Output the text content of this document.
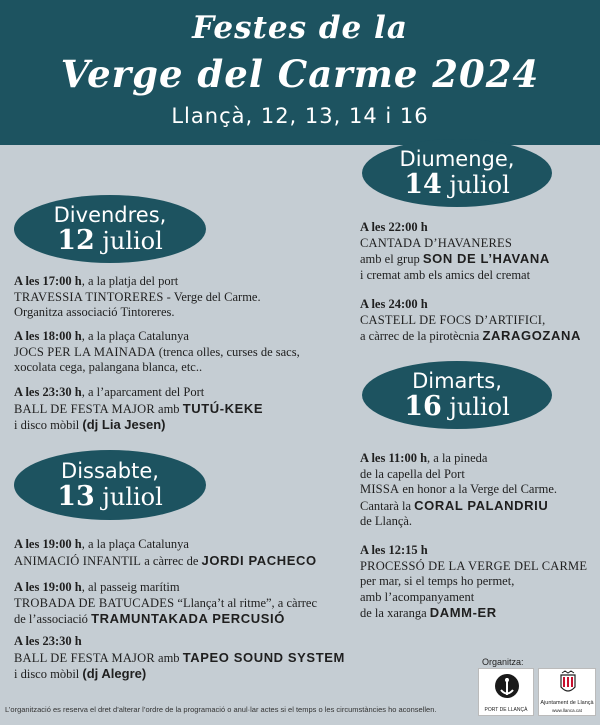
Festes de la
Verge del Carme 2024
Llançà, 12, 13, 14 i 16
Divendres,
12 juliol
Dissabte,
13 juliol
Diumenge,
14 juliol
Dimarts,
16 juliol
A les 17:00 h, a la platja del port
TRAVESSIA TINTORERES - Verge del Carme.
Organitza associació Tintoreres.
A les 18:00 h, a la plaça Catalunya
JOCS PER LA MAINADA (trenca olles, curses de sacs,
xocolata cega, palangana blanca, etc..
A les 23:30 h, a l’aparcament del Port
BALL DE FESTA MAJOR amb TUTÚ-KEKE
i disco mòbil (dj Lia Jesen)
A les 19:00 h, a la plaça Catalunya
ANIMACIÓ INFANTIL a càrrec de JORDI PACHECO
A les 19:00 h, al passeig marítim
TROBADA DE BATUCADES “Llança’t al ritme”, a càrrec
de l’associació TRAMUNTAKADA PERCUSIÓ
A les 23:30 h
BALL DE FESTA MAJOR amb TAPEO SOUND SYSTEM
i disco mòbil (dj Alegre)
A les 22:00 h
CANTADA D’HAVANERES
amb el grup SON DE L’HAVANA
i cremat amb els amics del cremat
A les 24:00 h
CASTELL DE FOCS D’ARTIFICI,
a càrrec de la pirotècnia ZARAGOZANA
A les 11:00 h, a la pineda
de la capella del Port
MISSA en honor a la Verge del Carme.
Cantarà la CORAL PALANDRIU
de Llançà.
A les 12:15 h
PROCESSÓ DE LA VERGE DEL CARME
per mar, si el temps ho permet,
amb l’acompanyament
de la xaranga DAMM-ER
Organitza:
PORT DE LLANÇÀ
Ajuntament de Llançà
www.llanca.cat
L’organització es reserva el dret d’alterar l’ordre de la programació o anul·lar actes si el temps o les circumstàncies ho aconsellen.
